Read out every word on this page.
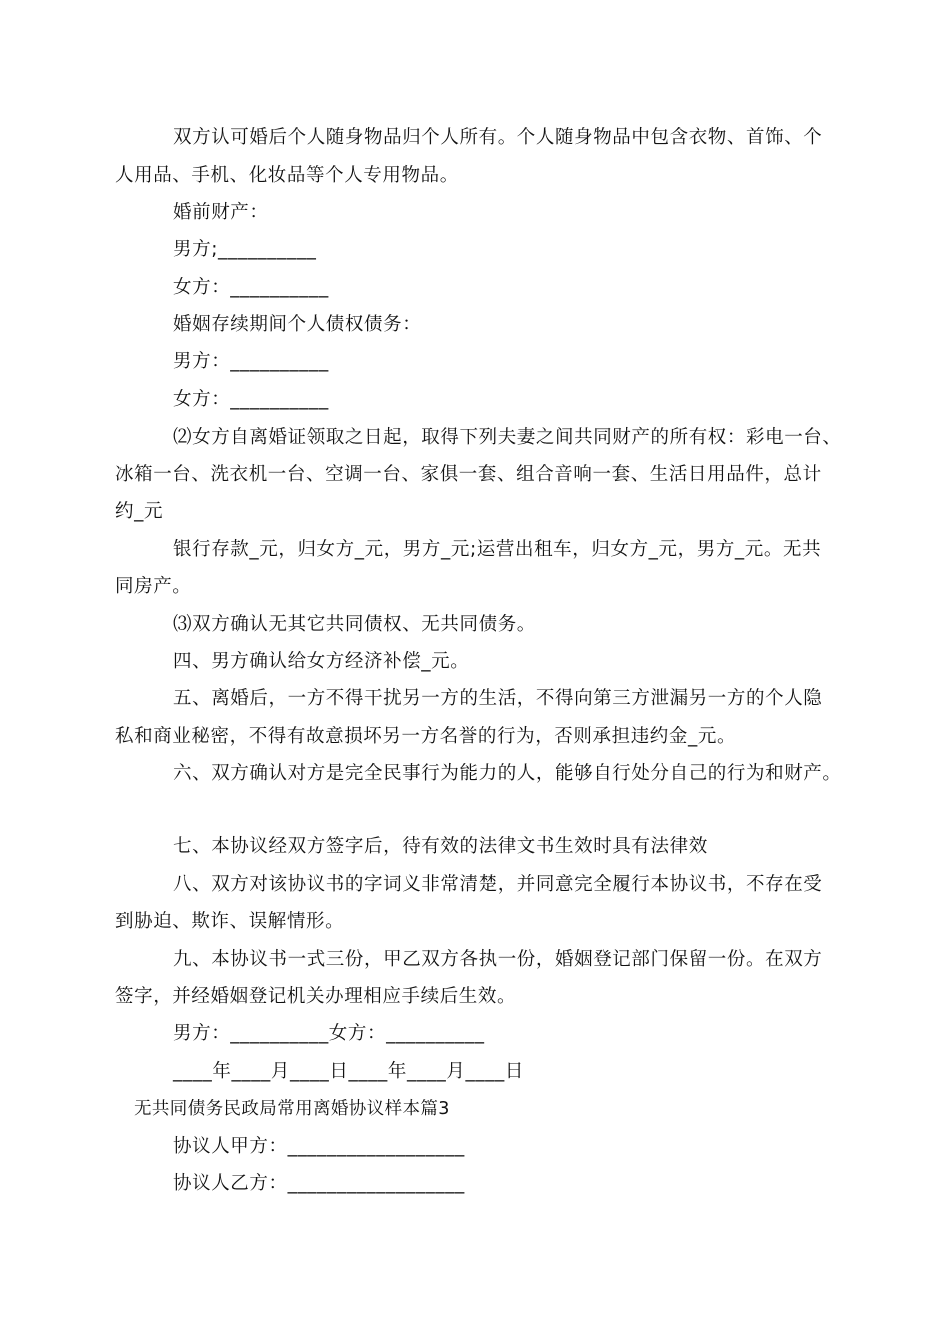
双方认可婚后个人随身物品归个人所有。个人随身物品中包含衣物、首饰、个
人用品、手机、化妆品等个人专用物品。
婚前财产：
男方;__________
女方：__________
婚姻存续期间个人债权债务：
男方：__________
女方：__________
⑵女方自离婚证领取之日起，取得下列夫妻之间共同财产的所有权：彩电一台、
冰箱一台、洗衣机一台、空调一台、家俱一套、组合音响一套、生活日用品件，总计
约_元
银行存款_元，归女方_元，男方_元;运营出租车，归女方_元，男方_元。无共
同房产。
⑶双方确认无其它共同债权、无共同债务。
四、男方确认给女方经济补偿_元。
五、离婚后，一方不得干扰另一方的生活，不得向第三方泄漏另一方的个人隐
私和商业秘密，不得有故意损坏另一方名誉的行为，否则承担违约金_元。
六、双方确认对方是完全民事行为能力的人，能够自行处分自己的行为和财产。
七、本协议经双方签字后，待有效的法律文书生效时具有法律效
八、双方对该协议书的字词义非常清楚，并同意完全履行本协议书，不存在受
到胁迫、欺诈、误解情形。
九、本协议书一式三份，甲乙双方各执一份，婚姻登记部门保留一份。在双方
签字，并经婚姻登记机关办理相应手续后生效。
男方：__________女方：__________
____年____月____日____年____月____日
无共同债务民政局常用离婚协议样本篇3
协议人甲方：__________________
协议人乙方：__________________
